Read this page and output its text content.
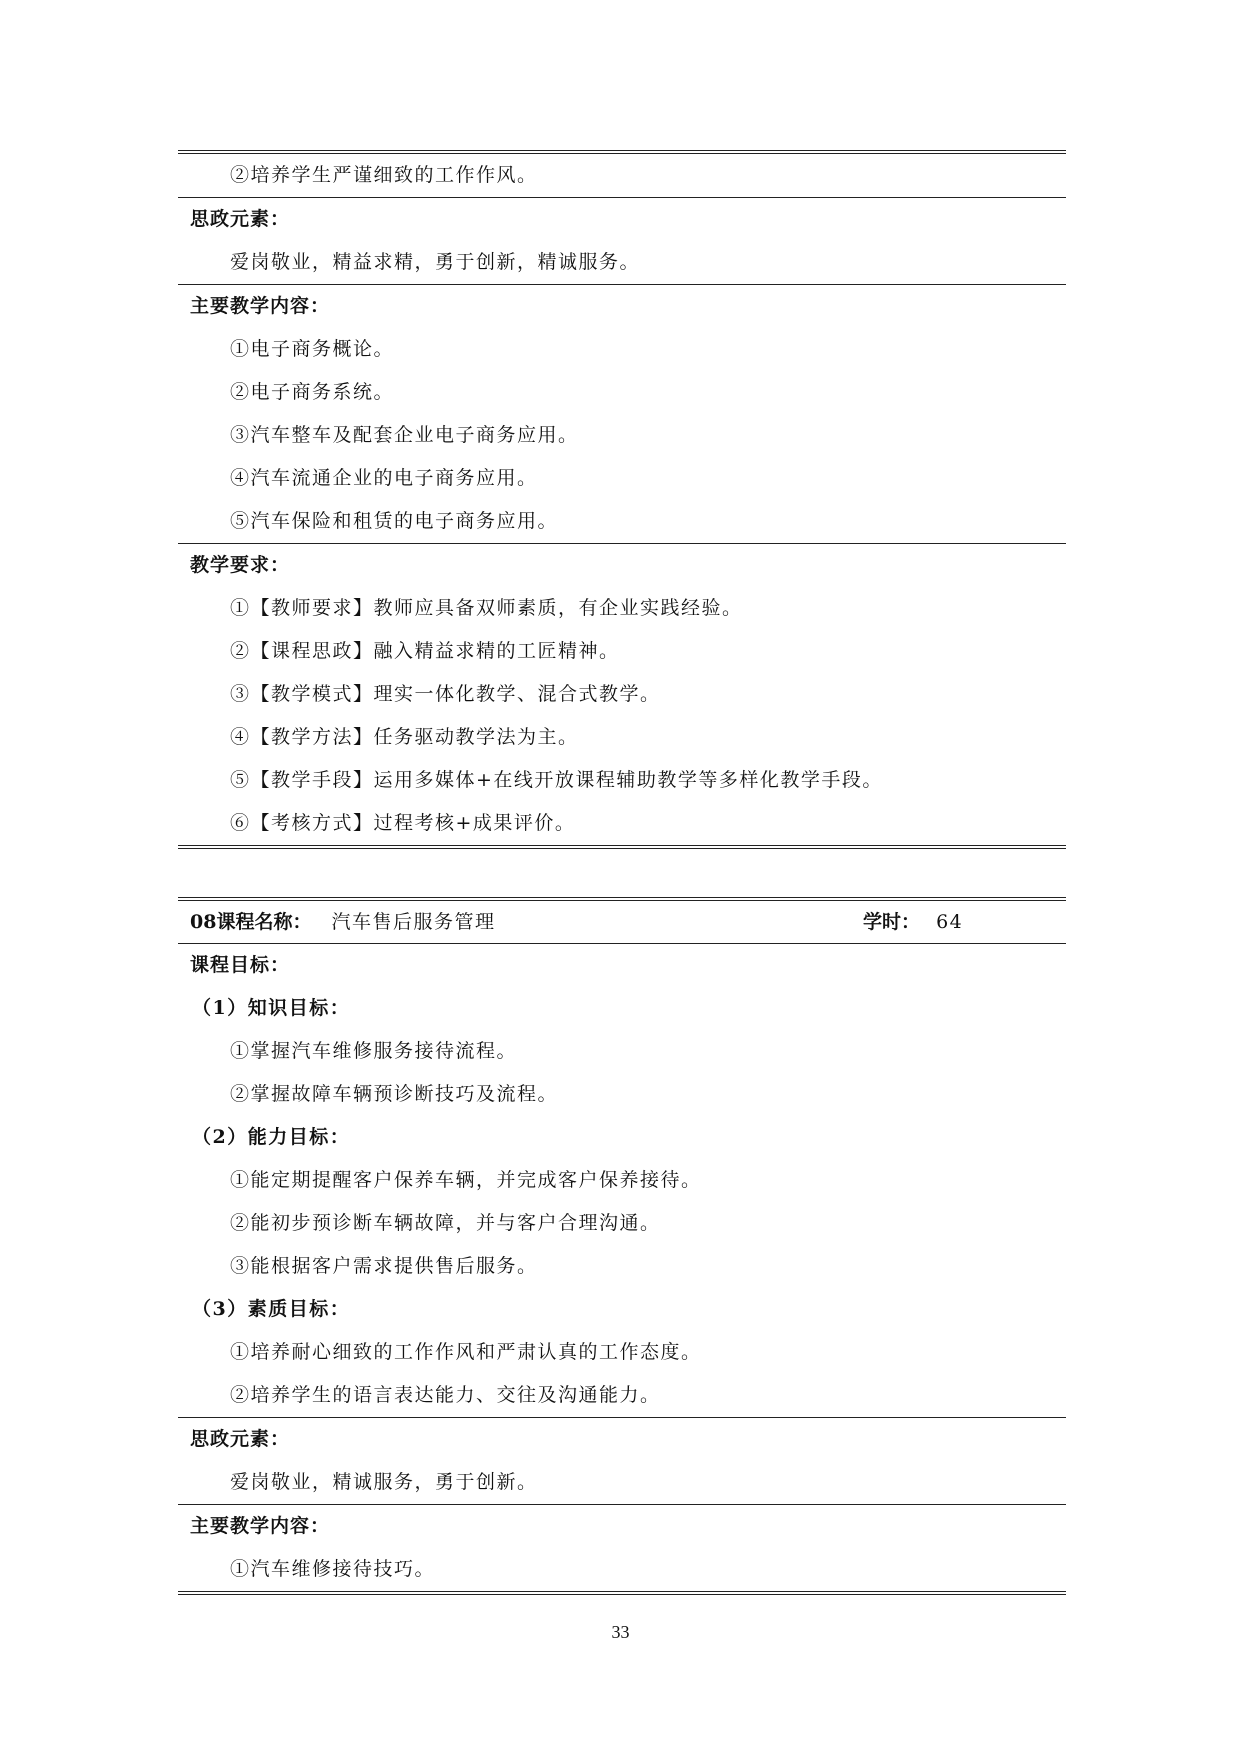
②培养学生严谨细致的工作作风。
思政元素：
爱岗敬业，精益求精，勇于创新，精诚服务。
主要教学内容：
①电子商务概论。
②电子商务系统。
③汽车整车及配套企业电子商务应用。
④汽车流通企业的电子商务应用。
⑤汽车保险和租赁的电子商务应用。
教学要求：
①【教师要求】教师应具备双师素质，有企业实践经验。
②【课程思政】融入精益求精的工匠精神。
③【教学模式】理实一体化教学、混合式教学。
④【教学方法】任务驱动教学法为主。
⑤【教学手段】运用多媒体+在线开放课程辅助教学等多样化教学手段。
⑥【考核方式】过程考核+成果评价。
08课程名称： 汽车售后服务管理	学时： 64
课程目标：
（1）知识目标：
①掌握汽车维修服务接待流程。
②掌握故障车辆预诊断技巧及流程。
（2）能力目标：
①能定期提醒客户保养车辆，并完成客户保养接待。
②能初步预诊断车辆故障，并与客户合理沟通。
③能根据客户需求提供售后服务。
（3）素质目标：
①培养耐心细致的工作作风和严肃认真的工作态度。
②培养学生的语言表达能力、交往及沟通能力。
思政元素：
爱岗敬业，精诚服务，勇于创新。
主要教学内容：
①汽车维修接待技巧。
33
